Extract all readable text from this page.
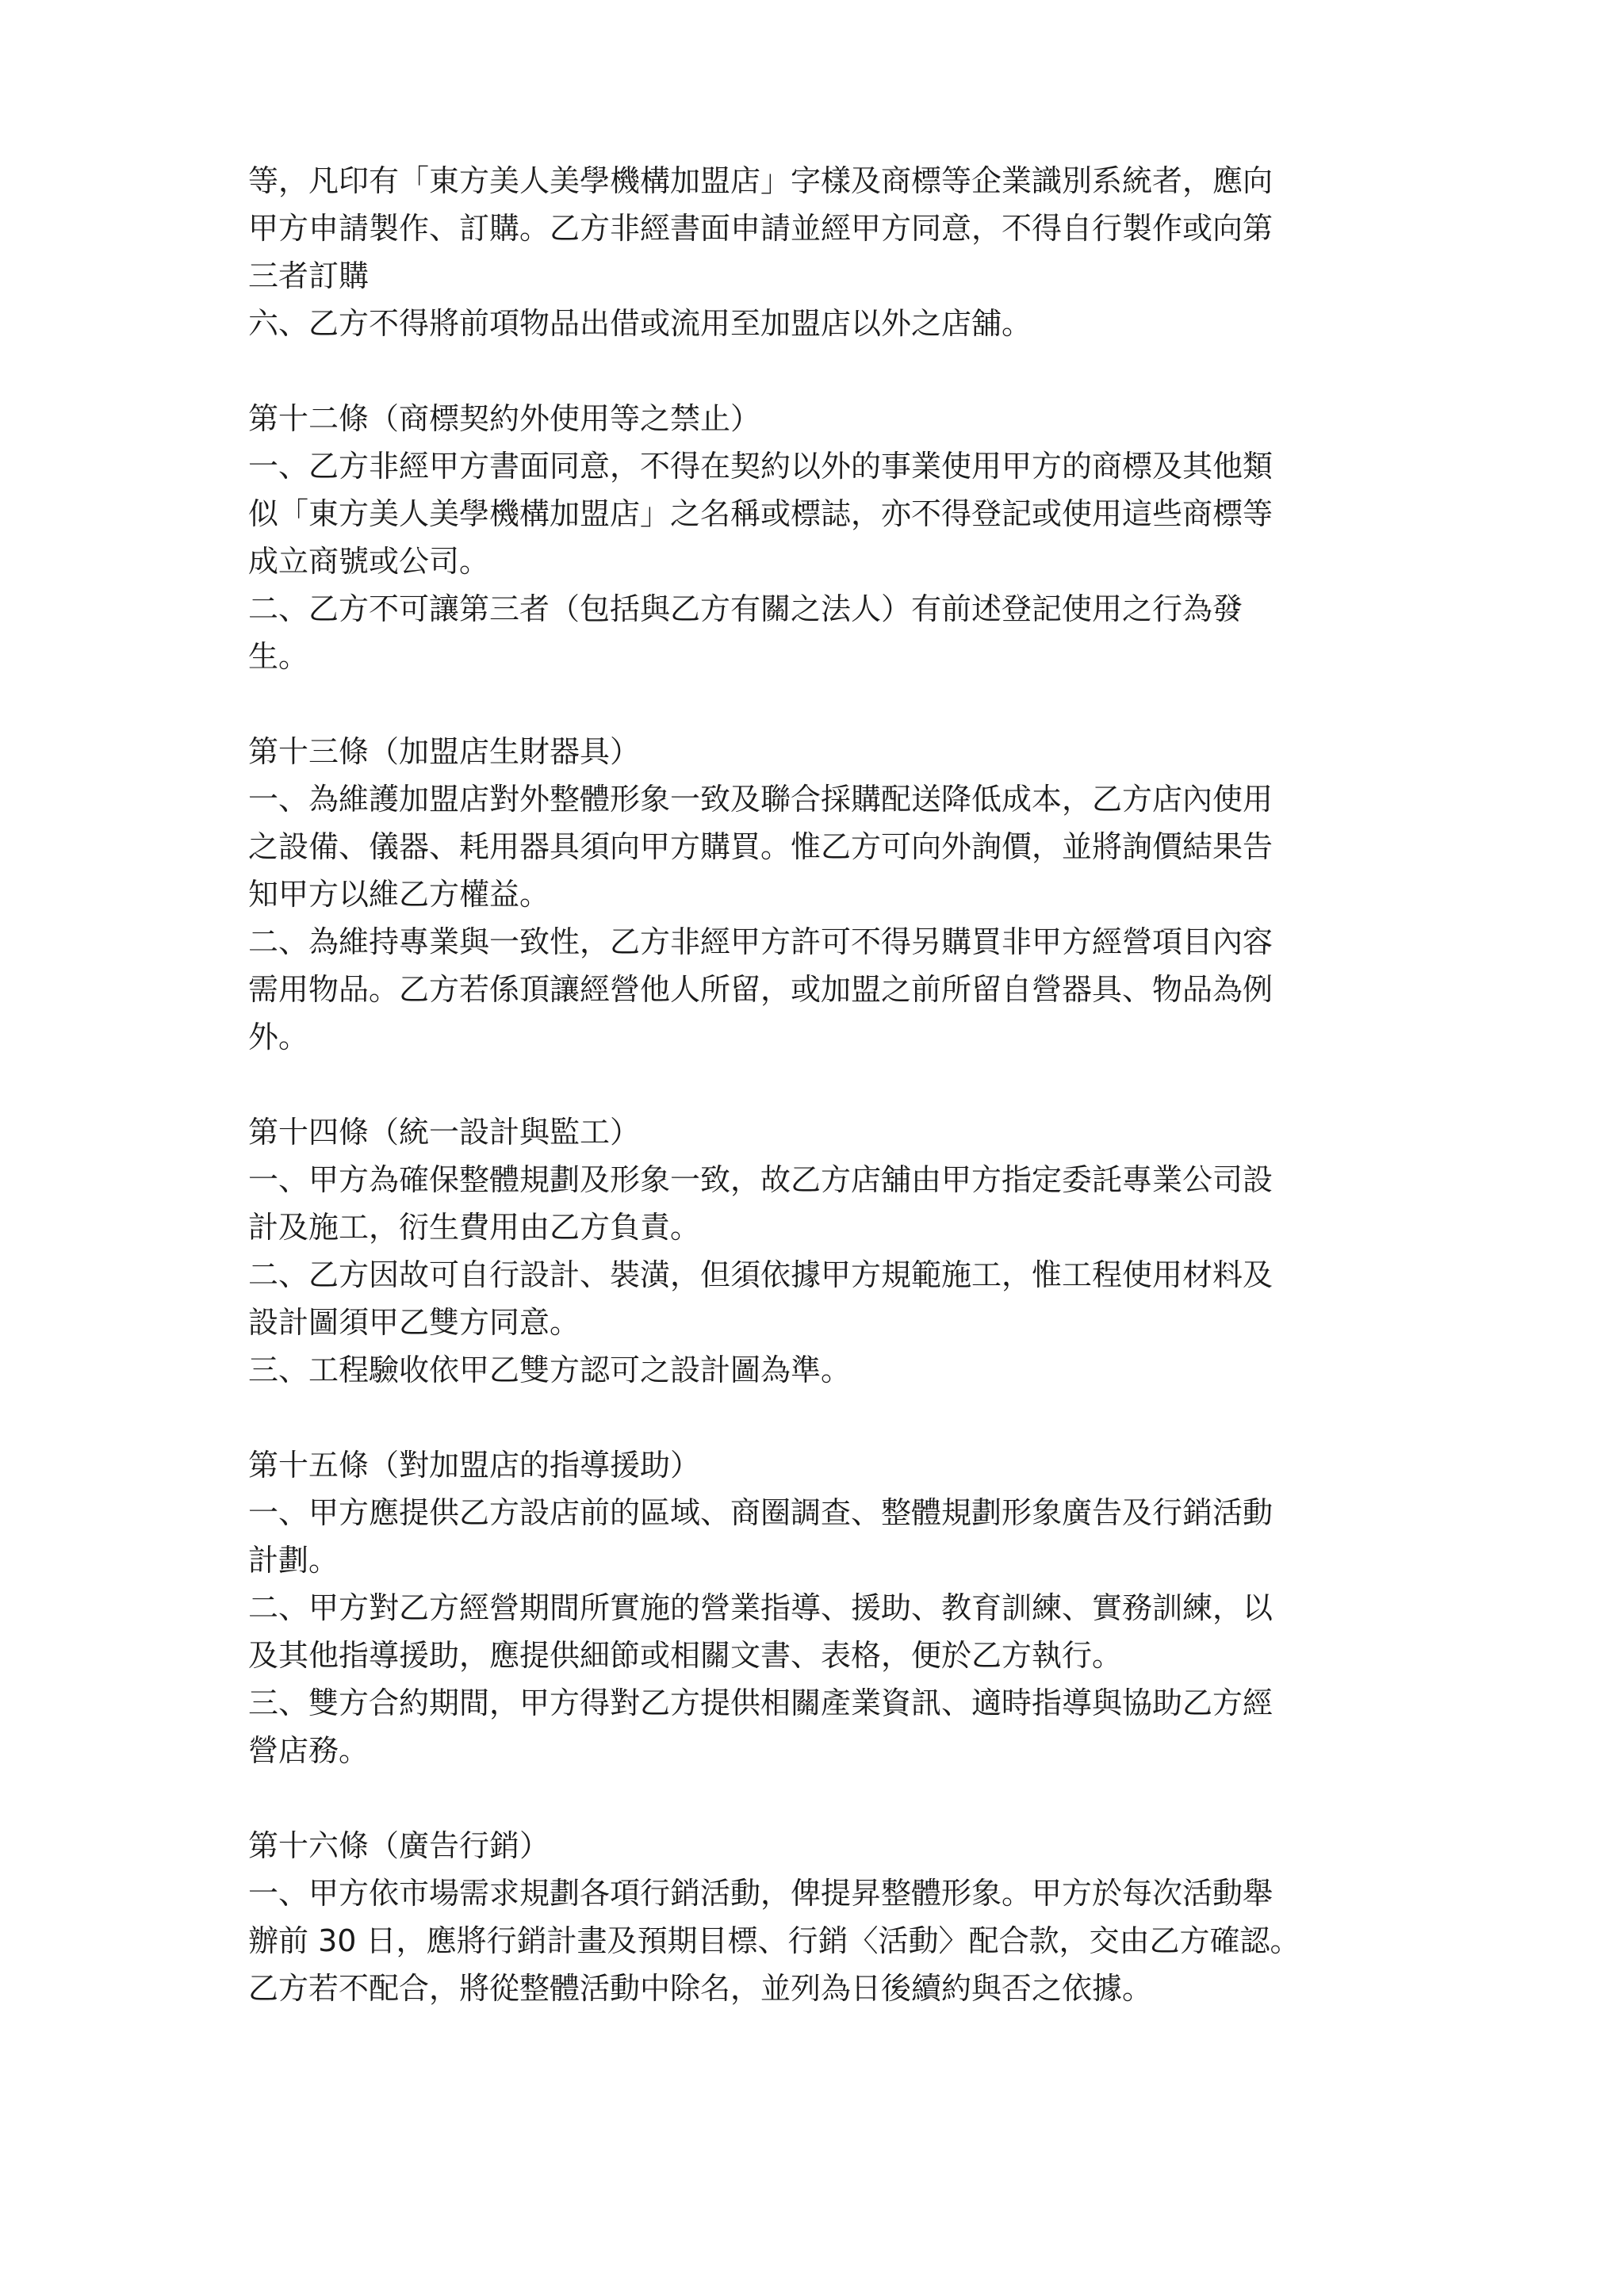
等，凡印有「東方美人美學機構加盟店」字樣及商標等企業識別系統者，應向
甲方申請製作、訂購。乙方非經書面申請並經甲方同意，不得自行製作或向第
三者訂購
六、乙方不得將前項物品出借或流用至加盟店以外之店舖。
第十二條（商標契約外使用等之禁止）
一、乙方非經甲方書面同意，不得在契約以外的事業使用甲方的商標及其他類
似「東方美人美學機構加盟店」之名稱或標誌，亦不得登記或使用這些商標等
成立商號或公司。
二、乙方不可讓第三者（包括與乙方有關之法人）有前述登記使用之行為發
生。
第十三條（加盟店生財器具）
一、為維護加盟店對外整體形象一致及聯合採購配送降低成本，乙方店內使用
之設備、儀器、耗用器具須向甲方購買。惟乙方可向外詢價，並將詢價結果告
知甲方以維乙方權益。
二、為維持專業與一致性，乙方非經甲方許可不得另購買非甲方經營項目內容
需用物品。乙方若係頂讓經營他人所留，或加盟之前所留自營器具、物品為例
外。
第十四條（統一設計與監工）
一、甲方為確保整體規劃及形象一致，故乙方店舖由甲方指定委託專業公司設
計及施工，衍生費用由乙方負責。
二、乙方因故可自行設計、裝潢，但須依據甲方規範施工，惟工程使用材料及
設計圖須甲乙雙方同意。
三、工程驗收依甲乙雙方認可之設計圖為準。
第十五條（對加盟店的指導援助）
一、甲方應提供乙方設店前的區域、商圈調查、整體規劃形象廣告及行銷活動
計劃。
二、甲方對乙方經營期間所實施的營業指導、援助、教育訓練、實務訓練，以
及其他指導援助，應提供細節或相關文書、表格，便於乙方執行。
三、雙方合約期間，甲方得對乙方提供相關產業資訊、適時指導與協助乙方經
營店務。
第十六條（廣告行銷）
一、甲方依市場需求規劃各項行銷活動，俾提昇整體形象。甲方於每次活動舉
辦前 30 日，應將行銷計畫及預期目標、行銷〈活動〉配合款，交由乙方確認。
乙方若不配合，將從整體活動中除名，並列為日後續約與否之依據。
